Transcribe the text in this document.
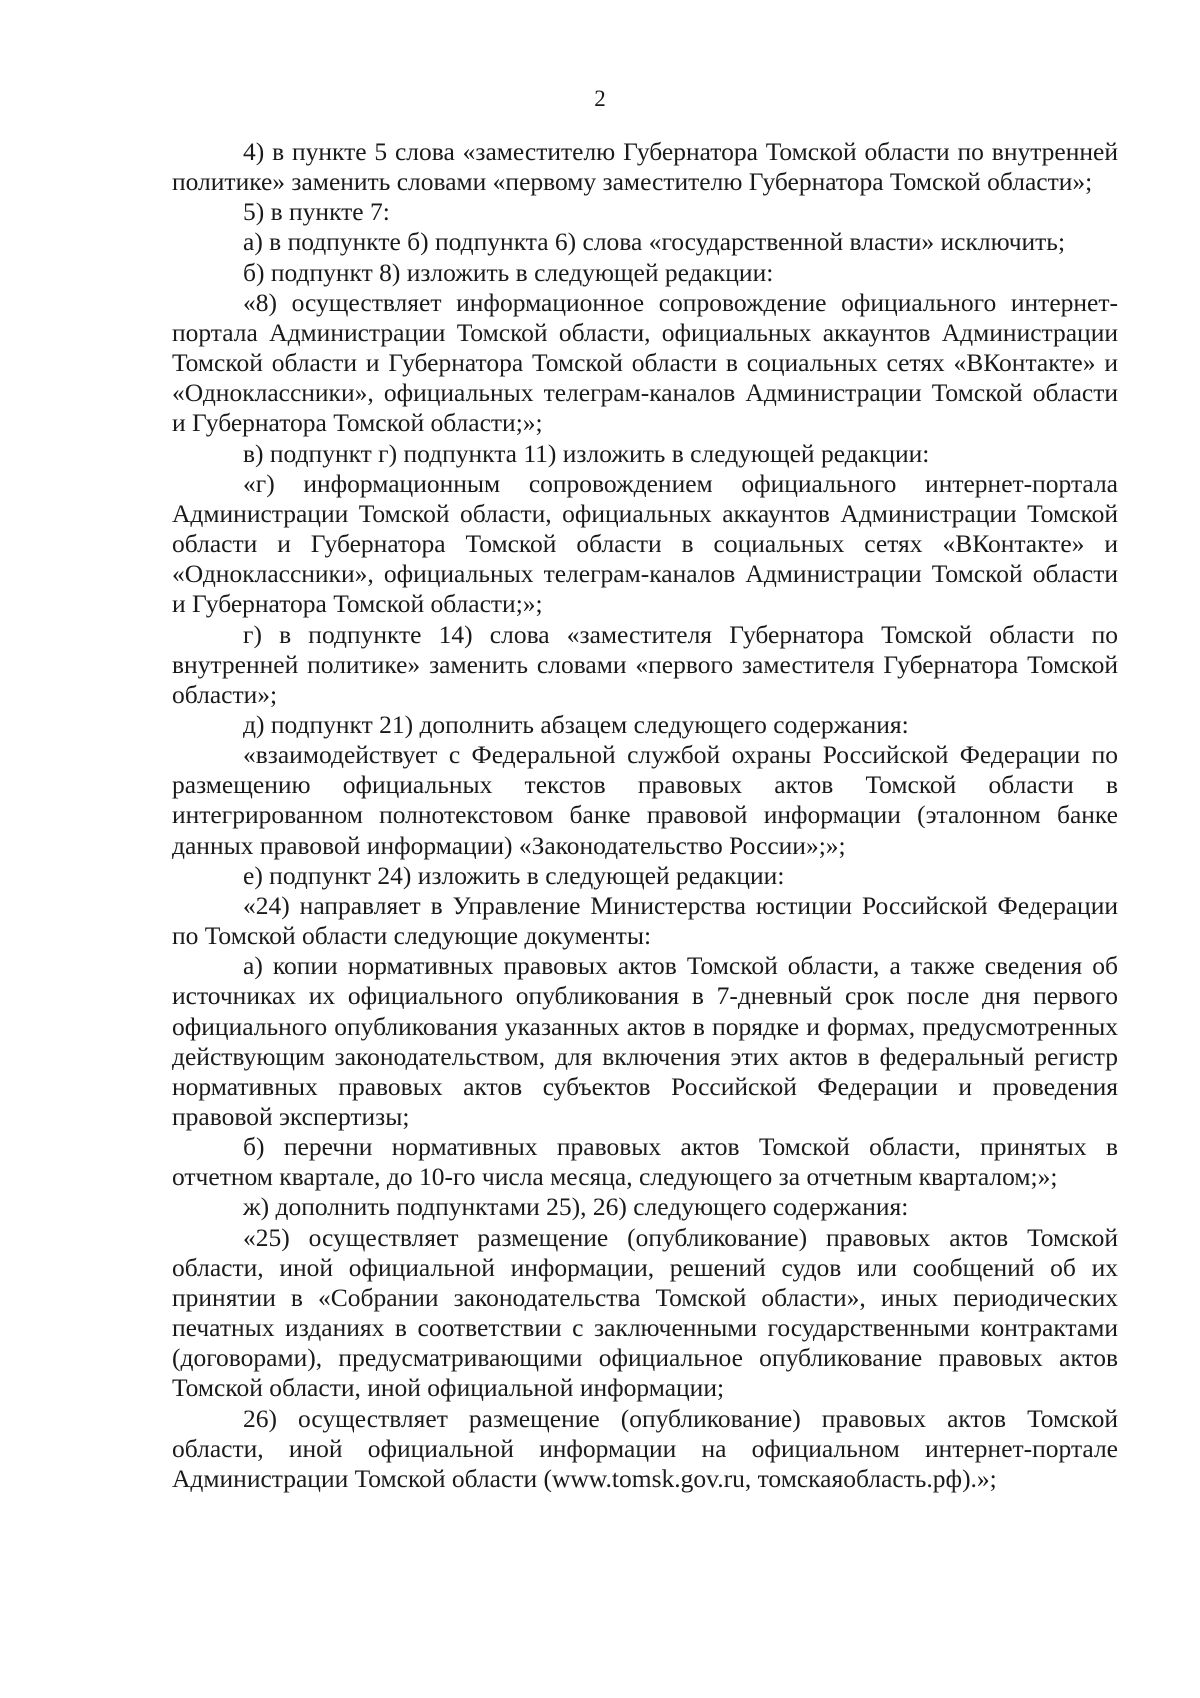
2

4) в пункте 5 слова «заместителю Губернатора Томской области по внутренней политике» заменить словами «первому заместителю Губернатора Томской области»;

5) в пункте 7:

а) в подпункте б) подпункта 6) слова «государственной власти» исключить;

б) подпункт 8) изложить в следующей редакции:

«8) осуществляет информационное сопровождение официального интернет-портала Администрации Томской области, официальных аккаунтов Администрации Томской области и Губернатора Томской области в социальных сетях «ВКонтакте» и «Одноклассники», официальных телеграм-каналов Администрации Томской области и Губернатора Томской области;»;

в) подпункт г) подпункта 11) изложить в следующей редакции:

«г) информационным сопровождением официального интернет-портала Администрации Томской области, официальных аккаунтов Администрации Томской области и Губернатора Томской области в социальных сетях «ВКонтакте» и «Одноклассники», официальных телеграм-каналов Администрации Томской области и Губернатора Томской области;»;

г) в подпункте 14) слова «заместителя Губернатора Томской области по внутренней политике» заменить словами «первого заместителя Губернатора Томской области»;

д) подпункт 21) дополнить абзацем следующего содержания:

«взаимодействует с Федеральной службой охраны Российской Федерации по размещению официальных текстов правовых актов Томской области в интегрированном полнотекстовом банке правовой информации (эталонном банке данных правовой информации) «Законодательство России»;»;

е) подпункт 24) изложить в следующей редакции:

«24) направляет в Управление Министерства юстиции Российской Федерации по Томской области следующие документы:

а) копии нормативных правовых актов Томской области, а также сведения об источниках их официального опубликования в 7-дневный срок после дня первого официального опубликования указанных актов в порядке и формах, предусмотренных действующим законодательством, для включения этих актов в федеральный регистр нормативных правовых актов субъектов Российской Федерации и проведения правовой экспертизы;

б) перечни нормативных правовых актов Томской области, принятых в отчетном квартале, до 10-го числа месяца, следующего за отчетным кварталом;»;

ж) дополнить подпунктами 25), 26) следующего содержания:

«25) осуществляет размещение (опубликование) правовых актов Томской области, иной официальной информации, решений судов или сообщений об их принятии в «Собрании законодательства Томской области», иных периодических печатных изданиях в соответствии с заключенными государственными контрактами (договорами), предусматривающими официальное опубликование правовых актов Томской области, иной официальной информации;

26) осуществляет размещение (опубликование) правовых актов Томской области, иной официальной информации на официальном интернет-портале Администрации Томской области (www.tomsk.gov.ru, томскаяобласть.рф).»;
